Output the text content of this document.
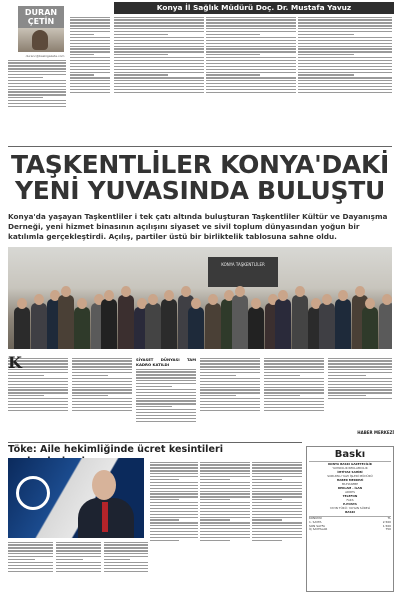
DURAN
ÇETİN
duranc@baskigazete.com
Konya İl Sağlık Müdürü Doç. Dr. Mustafa Yavuz
TAŞKENTLİLER KONYA'DAKİ
YENİ YUVASINDA BULUŞTU
Konya'da yaşayan Taşkentliler i tek çatı altında buluşturan Taşkentliler Kültür ve Dayanışma Derneği, yeni hizmet binasının açılışını siyaset ve sivil toplum dünyasından yoğun bir katılımla gerçekleştirdi. Açılış, partiler üstü bir birliktelik tablosuna sahne oldu.
KONYA TAŞKENTLİLER
K	SİYASET DÜNYASI TAM KADRO KATILDI
HABER MERKEZİ
Töke: Aile hekimliğinde ücret kesintileri	Baskı
KONYA BASKI GAZETECİLİK
YAYINCILIK REKLAMCILIK
İMTİYAZ SAHİBİ
SORUMLU YAZI İŞLERİ MÜDÜRÜ
HABER MERKEZİ
MUHASEBE
REKLAM - İLAN
ADRES
TELEFON
FAKS
E-POSTA
YAYIN TÜRÜ: YAYGIN SÜRELİ
BASKI
KONUMU	TL
1. SAYFA	2.500
SON SAYFA	1.500
İÇ SAYFALAR	750
